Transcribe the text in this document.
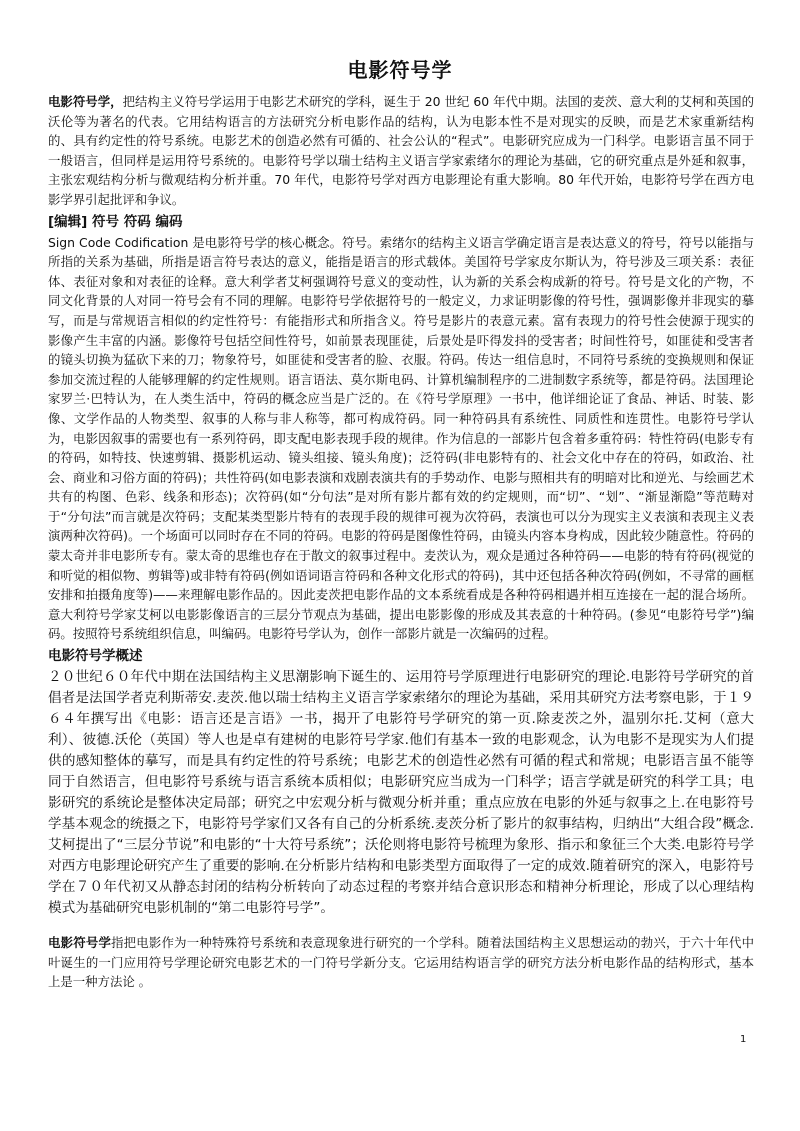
电影符号学

电影符号学，把结构主义符号学运用于电影艺术研究的学科，诞生于 20 世纪 60 年代中期。法国的麦茨、意大利的艾柯和英国的沃伦等为著名的代表。它用结构语言的方法研究分析电影作品的结构，认为电影本性不是对现实的反映，而是艺术家重新结构的、具有约定性的符号系统。电影艺术的创造必然有可循的、社会公认的“程式”。电影研究应成为一门科学。电影语言虽不同于一般语言，但同样是运用符号系统的。电影符号学以瑞士结构主义语言学家索绪尔的理论为基础，它的研究重点是外延和叙事，主张宏观结构分析与微观结构分析并重。70 年代，电影符号学对西方电影理论有重大影响。80 年代开始，电影符号学在西方电影学界引起批评和争议。

[编辑] 符号 符码 编码

Sign Code Codification 是电影符号学的核心概念。符号。索绪尔的结构主义语言学确定语言是表达意义的符号，符号以能指与所指的关系为基础，所指是语言符号表达的意义，能指是语言的形式载体。美国符号学家皮尔斯认为，符号涉及三项关系：表征体、表征对象和对表征的诠释。意大利学者艾柯强调符号意义的变动性，认为新的关系会构成新的符号。符号是文化的产物，不同文化背景的人对同一符号会有不同的理解。电影符号学依据符号的一般定义，力求证明影像的符号性，强调影像并非现实的摹写，而是与常规语言相似的约定性符号：有能指形式和所指含义。符号是影片的表意元素。富有表现力的符号性会使源于现实的影像产生丰富的内涵。影像符号包括空间性符号，如前景表现匪徒，后景处是吓得发抖的受害者；时间性符号，如匪徒和受害者的镜头切换为猛砍下来的刀；物象符号，如匪徒和受害者的脸、衣服。符码。传达一组信息时，不同符号系统的变换规则和保证参加交流过程的人能够理解的约定性规则。语言语法、莫尔斯电码、计算机编制程序的二进制数字系统等，都是符码。法国理论家罗兰·巴特认为，在人类生活中，符码的概念应当是广泛的。在《符号学原理》一书中，他详细论证了食品、神话、时装、影像、文学作品的人物类型、叙事的人称与非人称等，都可构成符码。同一种符码具有系统性、同质性和连贯性。电影符号学认为，电影因叙事的需要也有一系列符码，即支配电影表现手段的规律。作为信息的一部影片包含着多重符码：特性符码(电影专有的符码，如特技、快速剪辑、摄影机运动、镜头组接、镜头角度)；泛符码(非电影特有的、社会文化中存在的符码，如政治、社会、商业和习俗方面的符码)；共性符码(如电影表演和戏剧表演共有的手势动作、电影与照相共有的明暗对比和逆光、与绘画艺术共有的构图、色彩、线条和形态)；次符码(如“分句法”是对所有影片都有效的约定规则，而“切”、“划”、“渐显渐隐”等范畴对于“分句法”而言就是次符码；支配某类型影片特有的表现手段的规律可视为次符码，表演也可以分为现实主义表演和表现主义表演两种次符码)。一个场面可以同时存在不同的符码。电影的符码是图像性符码，由镜头内容本身构成，因此较少随意性。符码的蒙太奇并非电影所专有。蒙太奇的思维也存在于散文的叙事过程中。麦茨认为，观众是通过各种符码——电影的特有符码(视觉的和听觉的相似物、剪辑等)或非特有符码(例如语词语言符码和各种文化形式的符码)，其中还包括各种次符码(例如，不寻常的画框安排和拍摄角度等)——来理解电影作品的。因此麦茨把电影作品的文本系统看成是各种符码相遇并相互连接在一起的混合场所。意大利符号学家艾柯以电影影像语言的三层分节观点为基础，提出电影影像的形成及其表意的十种符码。(参见“电影符号学”)编码。按照符号系统组织信息，叫编码。电影符号学认为，创作一部影片就是一次编码的过程。

电影符号学概述

２０世纪６０年代中期在法国结构主义思潮影响下诞生的、运用符号学原理进行电影研究的理论.电影符号学研究的首倡者是法国学者克利斯蒂安.麦茨.他以瑞士结构主义语言学家索绪尔的理论为基础，采用其研究方法考察电影，于１９６４年撰写出《电影：语言还是言语》一书，揭开了电影符号学研究的第一页.除麦茨之外，温别尔托.艾柯（意大利）、彼德.沃伦（英国）等人也是卓有建树的电影符号学家.他们有基本一致的电影观念，认为电影不是现实为人们提供的感知整体的摹写，而是具有约定性的符号系统；电影艺术的创造性必然有可循的程式和常规；电影语言虽不能等同于自然语言，但电影符号系统与语言系统本质相似；电影研究应当成为一门科学；语言学就是研究的科学工具；电影研究的系统论是整体决定局部；研究之中宏观分析与微观分析并重；重点应放在电影的外延与叙事之上.在电影符号学基本观念的统摄之下，电影符号学家们又各有自己的分析系统.麦茨分析了影片的叙事结构，归纳出“大组合段”概念.艾柯提出了“三层分节说”和电影的“十大符号系统”；沃伦则将电影符号梳理为象形、指示和象征三个大类.电影符号学对西方电影理论研究产生了重要的影响.在分析影片结构和电影类型方面取得了一定的成效.随着研究的深入，电影符号学在７０年代初又从静态封闭的结构分析转向了动态过程的考察并结合意识形态和精神分析理论，形成了以心理结构模式为基础研究电影机制的“第二电影符号学”。

电影符号学指把电影作为一种特殊符号系统和表意现象进行研究的一个学科。随着法国结构主义思想运动的勃兴，于六十年代中叶诞生的一门应用符号学理论研究电影艺术的一门符号学新分支。它运用结构语言学的研究方法分析电影作品的结构形式，基本上是一种方法论 。

1
